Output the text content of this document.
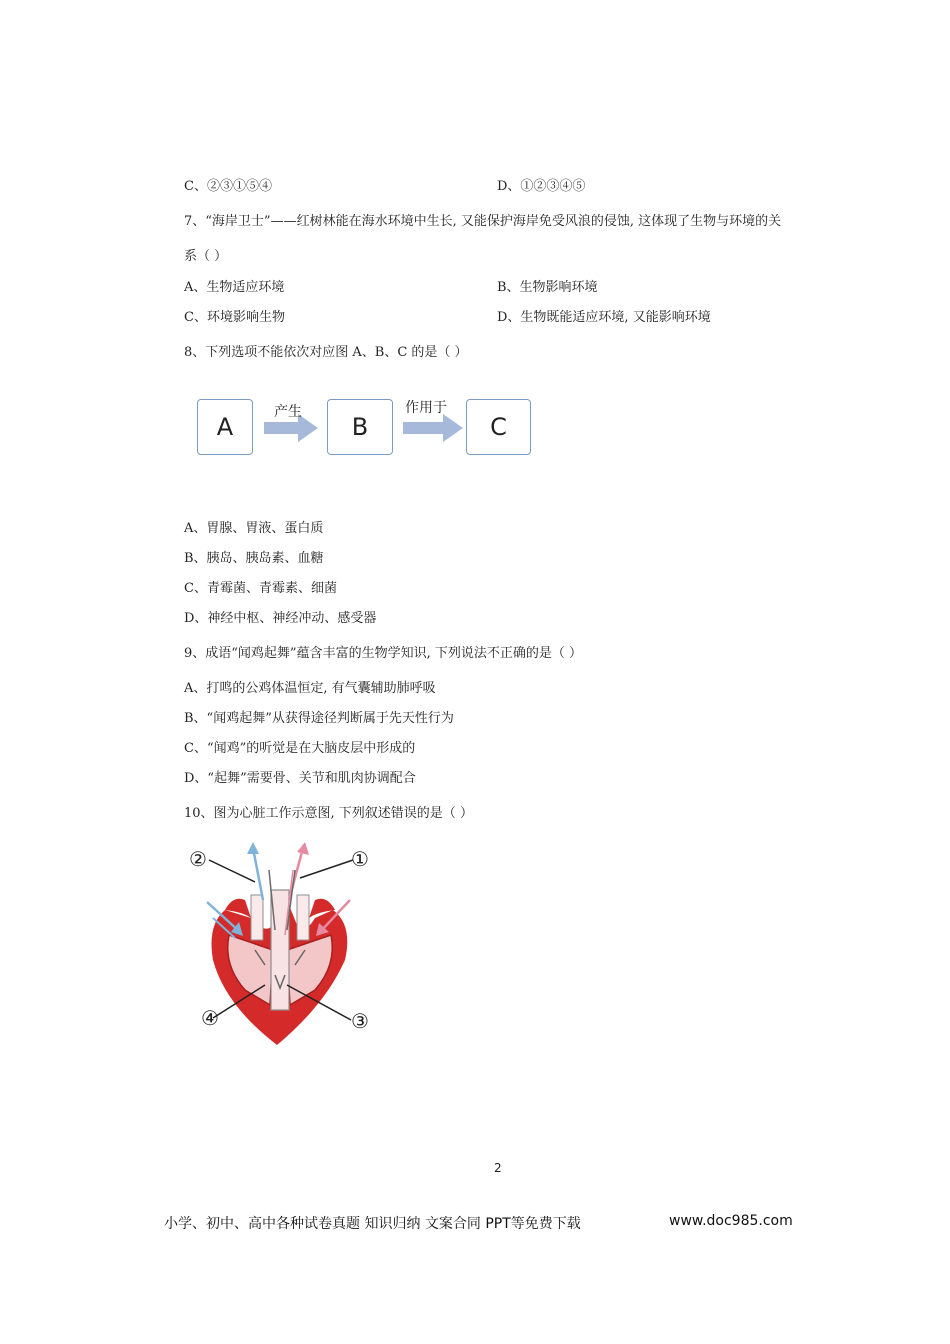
C、②③①⑤④	D、①②③④⑤
7、“海岸卫士”——红树林能在海水环境中生长, 又能保护海岸免受风浪的侵蚀, 这体现了生物与环境的关
系（ ）
A、生物适应环境	B、生物影响环境
C、环境影响生物	D、生物既能适应环境, 又能影响环境
8、下列选项不能依次对应图 A、B、C 的是（ ）
A
产生
B
作用于
C
A、胃腺、胃液、蛋白质
B、胰岛、胰岛素、血糖
C、青霉菌、青霉素、细菌
D、神经中枢、神经冲动、感受器
9、成语“闻鸡起舞”蕴含丰富的生物学知识, 下列说法不正确的是（ ）
A、打鸣的公鸡体温恒定, 有气囊辅助肺呼吸
B、“闻鸡起舞”从获得途径判断属于先天性行为
C、“闻鸡”的听觉是在大脑皮层中形成的
D、“起舞”需要骨、关节和肌肉协调配合
10、图为心脏工作示意图, 下列叙述错误的是（ ）
②	①
④	③
2
小学、初中、高中各种试卷真题 知识归纳 文案合同 PPT等免费下载	www.doc985.com
